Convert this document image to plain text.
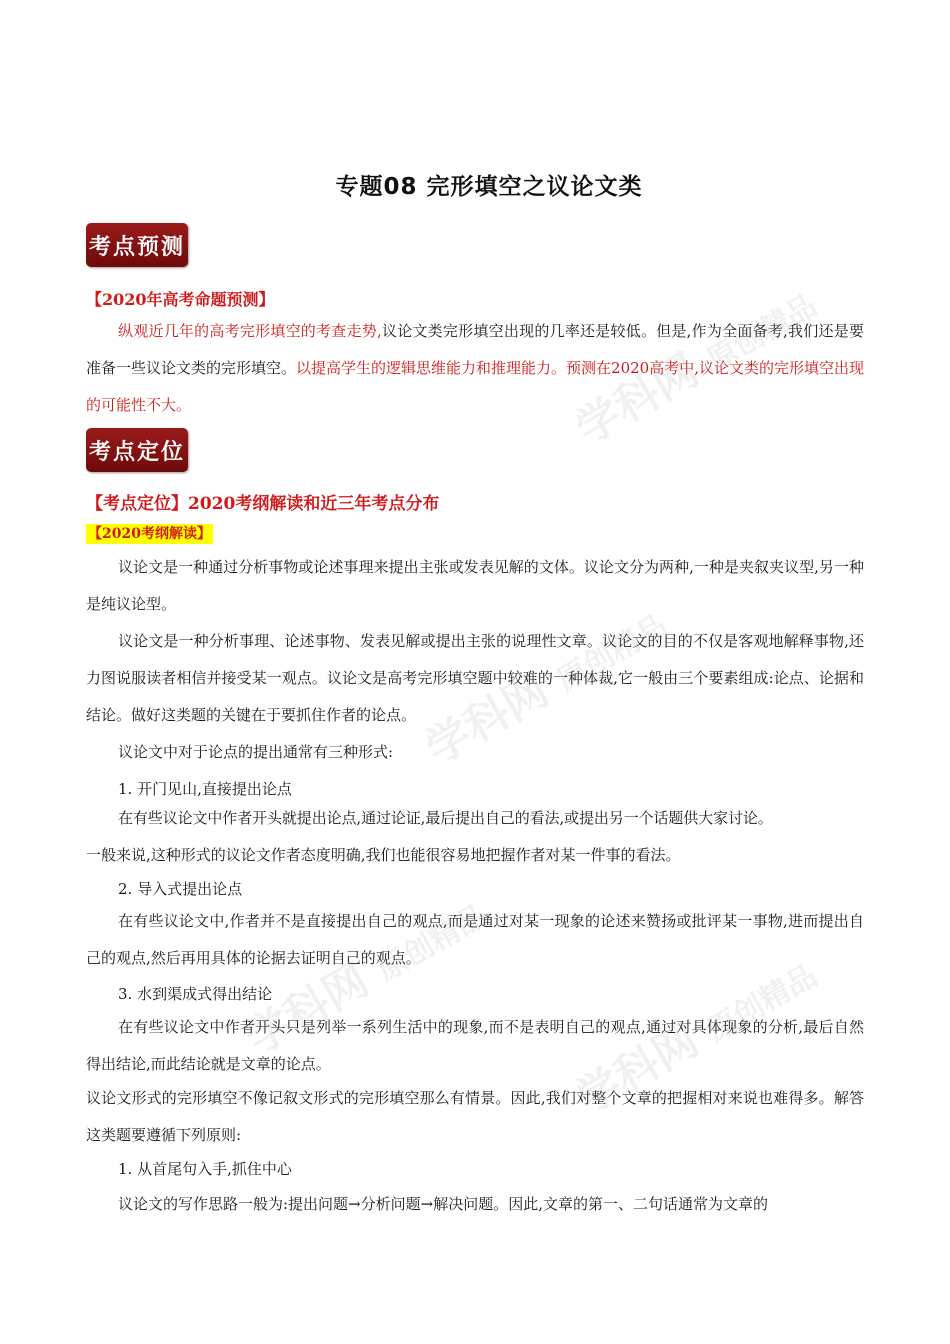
专题08 完形填空之议论文类
考点预测
【2020年高考命题预测】
纵观近几年的高考完形填空的考查走势,议论文类完形填空出现的几率还是较低。但是,作为全面备考,我们还是要准备一些议论文类的完形填空。以提高学生的逻辑思维能力和推理能力。预测在2020高考中,议论文类的完形填空出现的可能性不大。
考点定位
【考点定位】2020考纲解读和近三年考点分布
【2020考纲解读】
议论文是一种通过分析事物或论述事理来提出主张或发表见解的文体。议论文分为两种,一种是夹叙夹议型,另一种是纯议论型。
议论文是一种分析事理、论述事物、发表见解或提出主张的说理性文章。议论文的目的不仅是客观地解释事物,还力图说服读者相信并接受某一观点。议论文是高考完形填空题中较难的一种体裁,它一般由三个要素组成:论点、论据和结论。做好这类题的关键在于要抓住作者的论点。
议论文中对于论点的提出通常有三种形式:
1. 开门见山,直接提出论点
在有些议论文中作者开头就提出论点,通过论证,最后提出自己的看法,或提出另一个话题供大家讨论。
一般来说,这种形式的议论文作者态度明确,我们也能很容易地把握作者对某一件事的看法。
2. 导入式提出论点
在有些议论文中,作者并不是直接提出自己的观点,而是通过对某一现象的论述来赞扬或批评某一事物,进而提出自己的观点,然后再用具体的论据去证明自己的观点。
3. 水到渠成式得出结论
在有些议论文中作者开头只是列举一系列生活中的现象,而不是表明自己的观点,通过对具体现象的分析,最后自然得出结论,而此结论就是文章的论点。
议论文形式的完形填空不像记叙文形式的完形填空那么有情景。因此,我们对整个文章的把握相对来说也难得多。解答这类题要遵循下列原则:
1. 从首尾句入手,抓住中心
议论文的写作思路一般为:提出问题→分析问题→解决问题。因此,文章的第一、二句话通常为文章的
学科网 原创精品
学科网 原创精品
学科网 原创精品
学科网 原创精品
